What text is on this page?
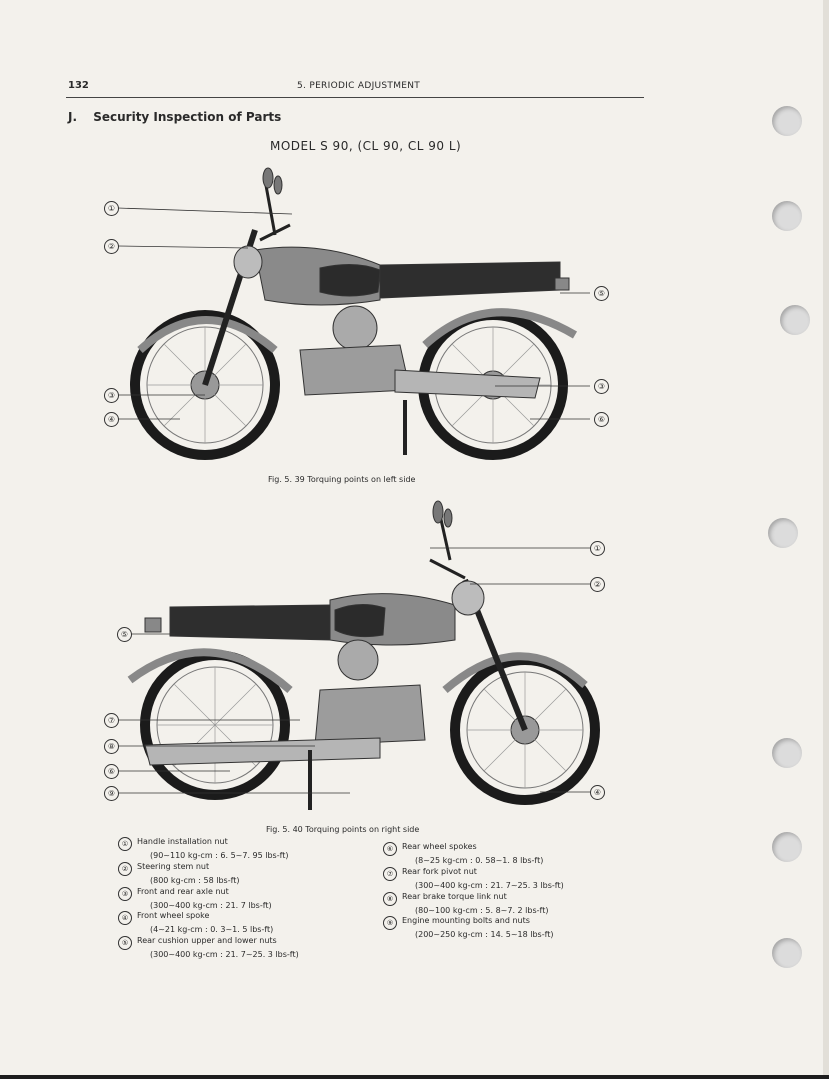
132	5. PERIODIC ADJUSTMENT
J. Security Inspection of Parts
MODEL S 90, (CL 90, CL 90 L)
①
②
③
④
⑤
③
⑥
Fig. 5. 39 Torquing points on left side
①
②
④
⑤
⑦
⑧
⑥
⑨
Fig. 5. 40 Torquing points on right side
①	Handle installation nut
(90~110 kg-cm : 6. 5~7. 95 lbs-ft)
②	Steering stem nut
(800 kg-cm : 58 lbs-ft)
③	Front and rear axle nut
(300~400 kg-cm : 21. 7 lbs-ft)
④	Front wheel spoke
(4~21 kg-cm : 0. 3~1. 5 lbs-ft)
⑤	Rear cushion upper and lower nuts
(300~400 kg-cm : 21. 7~25. 3 lbs-ft)
⑥	Rear wheel spokes
(8~25 kg-cm : 0. 58~1. 8 lbs-ft)
⑦	Rear fork pivot nut
(300~400 kg-cm : 21. 7~25. 3 lbs-ft)
⑧	Rear brake torque link nut
(80~100 kg-cm : 5. 8~7. 2 lbs-ft)
⑨	Engine mounting bolts and nuts
(200~250 kg-cm : 14. 5~18 lbs-ft)
